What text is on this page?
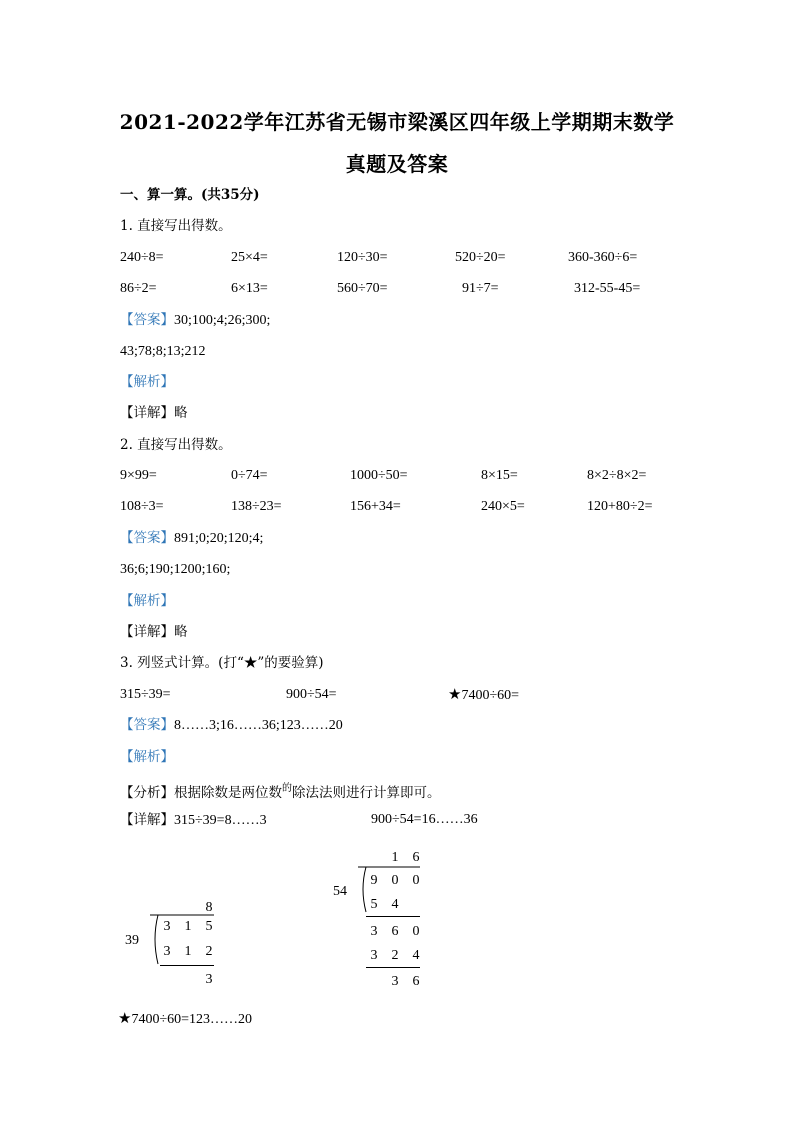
2021-2022学年江苏省无锡市梁溪区四年级上学期期末数学
真题及答案
一、算一算。(共35分)
1. 直接写出得数。
240÷8=	25×4=	120÷30=	520÷20=	360-360÷6=
86÷2=	6×13=	560÷70=	91÷7=	312-55-45=
【答案】30;100;4;26;300;
43;78;8;13;212
【解析】
【详解】略
2. 直接写出得数。
9×99=	0÷74=	1000÷50=	8×15=	8×2÷8×2=
108÷3=	138÷23=	156+34=	240×5=	120+80÷2=
【答案】891;0;20;120;4;
36;6;190;1200;160;
【解析】
【详解】略
3. 列竖式计算。(打“★”的要验算)
315÷39=	900÷54=	★7400÷60=
【答案】8……3;16……36;123……20
【解析】
【分析】根据除数是两位数$^的$除法法则进行计算即可。
【详解】315÷39=8……3	900÷54=16……36
39
8
3	1	5
3	1	2
3
54
1	6
9	0	0
5	4
3	6	0
3	2	4
3	6
★7400÷60=123……20
